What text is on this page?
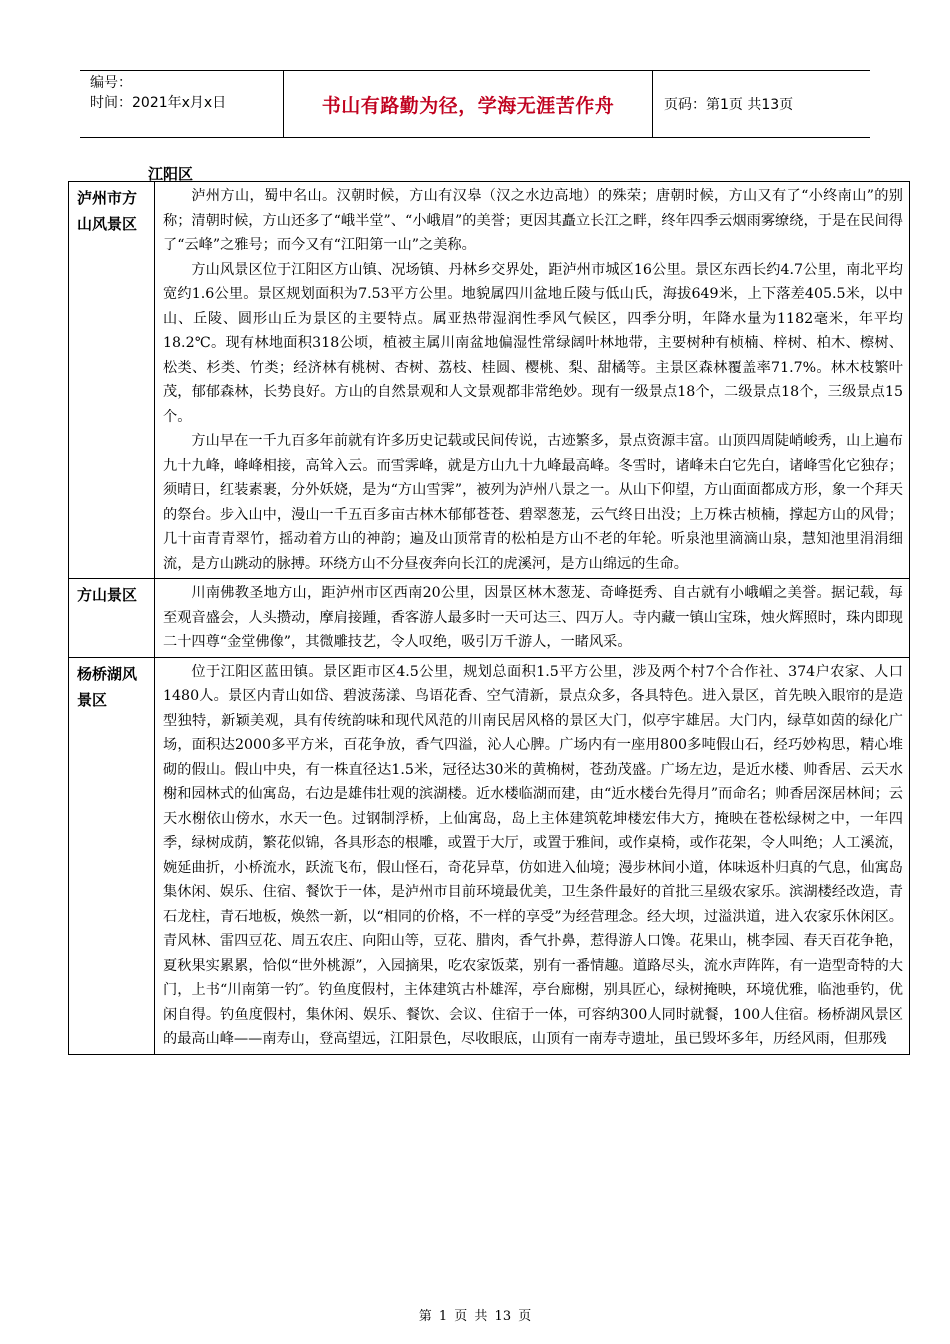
编号：
时间：2021年x月x日	书山有路勤为径，学海无涯苦作舟	页码：第1页 共13页
江阳区
泸州市方山风景区	泸州方山，蜀中名山。汉朝时候，方山有汉皋（汉之水边高地）的殊荣；唐朝时候，方山又有了“小终南山”的别称；清朝时候，方山还多了“峨半堂”、“小峨眉”的美誉；更因其矗立长江之畔，终年四季云烟雨雾缭绕，于是在民间得了“云峰”之雅号；而今又有“江阳第一山”之美称。

方山风景区位于江阳区方山镇、况场镇、丹林乡交界处，距泸州市城区16公里。景区东西长约4.7公里，南北平均宽约1.6公里。景区规划面积为7.53平方公里。地貌属四川盆地丘陵与低山氏，海拔649米，上下落差405.5米，以中山、丘陵、圆形山丘为景区的主要特点。属亚热带湿润性季风气候区，四季分明，年降水量为1182毫米，年平均18.2℃。现有林地面积318公顷，植被主属川南盆地偏湿性常绿阔叶林地带，主要树种有桢楠、梓树、柏木、檫树、松类、杉类、竹类；经济林有桃树、杏树、荔枝、桂圆、樱桃、梨、甜橘等。主景区森林覆盖率71.7%。林木枝繁叶茂，郁郁森林，长势良好。方山的自然景观和人文景观都非常绝妙。现有一级景点18个，二级景点18个，三级景点15个。

方山早在一千九百多年前就有许多历史记载或民间传说，古迹繁多，景点资源丰富。山顶四周陡峭峻秀，山上遍布九十九峰，峰峰相接，高耸入云。而雪霁峰，就是方山九十九峰最高峰。冬雪时，诸峰未白它先白，诸峰雪化它独存；须晴日，红装素裹，分外妖娆，是为“方山雪霁”，被列为泸州八景之一。从山下仰望，方山面面都成方形，象一个拜天的祭台。步入山中，漫山一千五百多亩古林木郁郁苍苍、碧翠葱茏，云气终日出没；上万株古桢楠，撑起方山的风骨；几十亩青青翠竹，摇动着方山的神韵；遍及山顶常青的松柏是方山不老的年轮。听泉池里滴滴山泉，慧知池里涓涓细流，是方山跳动的脉搏。环绕方山不分昼夜奔向长江的虎溪河，是方山绵远的生命。

方山景区	川南佛教圣地方山，距泸州市区西南20公里，因景区林木葱茏、奇峰挺秀、自古就有小峨嵋之美誉。据记载，每至观音盛会，人头攒动，摩肩接踵，香客游人最多时一天可达三、四万人。寺内藏一镇山宝珠，烛火辉照时，珠内即现二十四尊“金堂佛像”，其微雕技艺，令人叹绝，吸引万千游人，一睹风采。

杨桥湖风景区	位于江阳区蓝田镇。景区距市区4.5公里，规划总面积1.5平方公里，涉及两个村7个合作社、374户农家、人口1480人。景区内青山如岱、碧波荡漾、鸟语花香、空气清新，景点众多，各具特色。进入景区，首先映入眼帘的是造型独特，新颖美观，具有传统韵味和现代风范的川南民居风格的景区大门，似亭宇雄居。大门内，绿草如茵的绿化广场，面积达2000多平方米，百花争放，香气四溢，沁人心脾。广场内有一座用800多吨假山石，经巧妙构思，精心堆砌的假山。假山中央，有一株直径达1.5米，冠径达30米的黄桷树，苍劲茂盛。广场左边，是近水楼、帅香居、云天水榭和园林式的仙寓岛，右边是雄伟壮观的滨湖楼。近水楼临湖而建，由“近水楼台先得月”而命名；帅香居深居林间；云天水榭依山傍水，水天一色。过钢制浮桥，上仙寓岛，岛上主体建筑乾坤楼宏伟大方，掩映在苍松绿树之中，一年四季，绿树成荫，繁花似锦，各具形态的根雕，或置于大厅，或置于雅间，或作桌椅，或作花架，令人叫绝；人工溪流，婉延曲折，小桥流水，跃流飞布，假山怪石，奇花异草，仿如进入仙境；漫步林间小道，体味返朴归真的气息，仙寓岛集休闲、娱乐、住宿、餐饮于一体，是泸州市目前环境最优美，卫生条件最好的首批三星级农家乐。滨湖楼经改造，青石龙柱，青石地板，焕然一新，以“相同的价格，不一样的享受”为经营理念。经大坝，过溢洪道，进入农家乐休闲区。青风林、雷四豆花、周五农庄、向阳山等，豆花、腊肉，香气扑鼻，惹得游人口馋。花果山，桃李园、春天百花争艳，夏秋果实累累，恰似“世外桃源”，入园摘果，吃农家饭菜，别有一番情趣。道路尽头，流水声阵阵，有一造型奇特的大门，上书“川南第一钓″。钓鱼度假村，主体建筑古朴雄浑，亭台廊榭，别具匠心，绿树掩映，环境优雅，临池垂钓，优闲自得。钓鱼度假村，集休闲、娱乐、餐饮、会议、住宿于一体，可容纳300人同时就餐，100人住宿。杨桥湖风景区的最高山峰——南寿山，登高望远，江阳景色，尽收眼底，山顶有一南寿寺遗址，虽已毁坏多年，历经风雨，但那残

第 1 页 共 13 页
